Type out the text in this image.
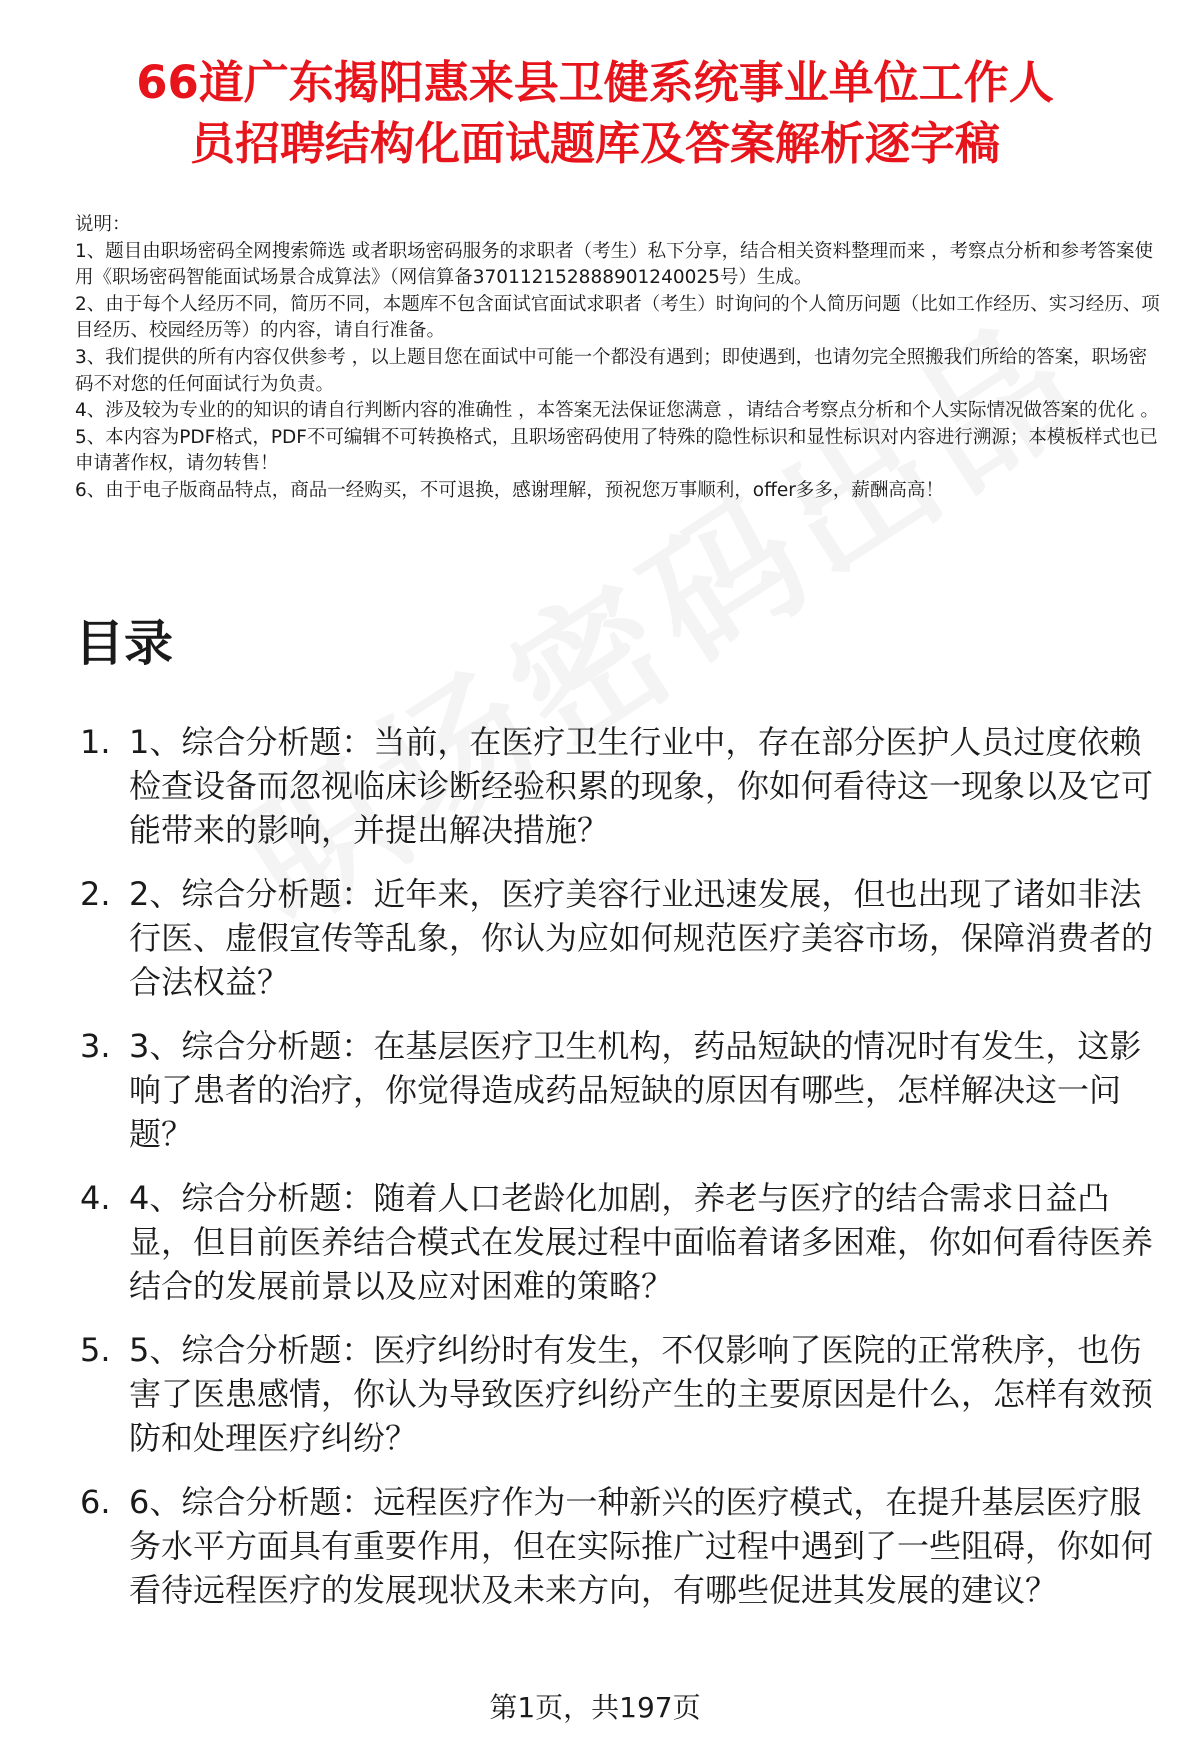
66道广东揭阳惠来县卫健系统事业单位工作人
员招聘结构化面试题库及答案解析逐字稿

说明：

1、题目由职场密码全网搜索筛选 或者职场密码服务的求职者（考生）私下分享，结合相关资料整理而来 ，考察点分析和参考答案使用《职场密码智能面试场景合成算法》（网信算备370112152888901240025号）生成。

2、由于每个人经历不同，简历不同，本题库不包含面试官面试求职者（考生）时询问的个人简历问题（比如工作经历、实习经历、项目经历、校园经历等）的内容，请自行准备。

3、我们提供的所有内容仅供参考 ，以上题目您在面试中可能一个都没有遇到；即使遇到，也请勿完全照搬我们所给的答案，职场密码不对您的任何面试行为负责。

4、涉及较为专业的的知识的请自行判断内容的准确性 ，本答案无法保证您满意 ，请结合考察点分析和个人实际情况做答案的优化 。

5、本内容为PDF格式，PDF不可编辑不可转换格式，且职场密码使用了特殊的隐性标识和显性标识对内容进行溯源；本模板样式也已申请著作权，请勿转售！

6、由于电子版商品特点，商品一经购买，不可退换，感谢理解，预祝您万事顺利，offer多多，薪酬高高！

目录
1. 1、综合分析题：当前，在医疗卫生行业中，存在部分医护人员过度依赖检查设备而忽视临床诊断经验积累的现象，你如何看待这一现象以及它可能带来的影响，并提出解决措施？
2. 2、综合分析题：近年来，医疗美容行业迅速发展，但也出现了诸如非法行医、虚假宣传等乱象，你认为应如何规范医疗美容市场，保障消费者的合法权益？
3. 3、综合分析题：在基层医疗卫生机构，药品短缺的情况时有发生，这影响了患者的治疗，你觉得造成药品短缺的原因有哪些，怎样解决这一问题？
4. 4、综合分析题：随着人口老龄化加剧，养老与医疗的结合需求日益凸显，但目前医养结合模式在发展过程中面临着诸多困难，你如何看待医养结合的发展前景以及应对困难的策略？
5. 5、综合分析题：医疗纠纷时有发生，不仅影响了医院的正常秩序，也伤害了医患感情，你认为导致医疗纠纷产生的主要原因是什么，怎样有效预防和处理医疗纠纷？
6. 6、综合分析题：远程医疗作为一种新兴的医疗模式，在提升基层医疗服务水平方面具有重要作用，但在实际推广过程中遇到了一些阻碍，你如何看待远程医疗的发展现状及未来方向，有哪些促进其发展的建议？
第1页，共197页
